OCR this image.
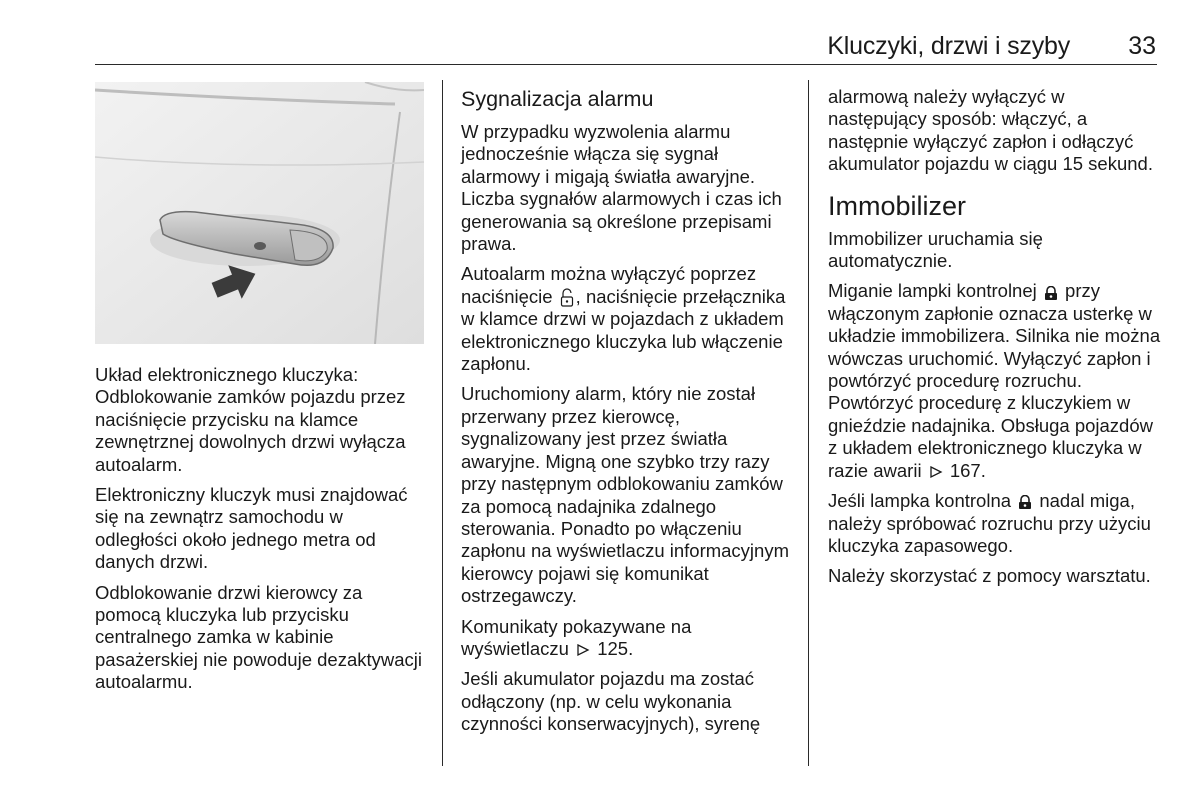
Kluczyki, drzwi i szyby 33

Układ elektronicznego kluczyka: Odblokowanie zamków pojazdu przez naciśnięcie przycisku na klamce zewnętrznej dowolnych drzwi wyłącza autoalarm.

Elektroniczny kluczyk musi znajdować się na zewnątrz samochodu w odległości około jednego metra od danych drzwi.

Odblokowanie drzwi kierowcy za pomocą kluczyka lub przycisku centralnego zamka w kabinie pasażerskiej nie powoduje dezaktywacji autoalarmu.

Sygnalizacja alarmu

W przypadku wyzwolenia alarmu jednocześnie włącza się sygnał alarmowy i migają światła awaryjne. Liczba sygnałów alarmowych i czas ich generowania są określone przepisami prawa.

Autoalarm można wyłączyć poprzez naciśnięcie , naciśnięcie przełącznika w klamce drzwi w pojazdach z układem elektronicznego kluczyka lub włączenie zapłonu.

Uruchomiony alarm, który nie został przerwany przez kierowcę, sygnalizowany jest przez światła awaryjne. Migną one szybko trzy razy przy następnym odblokowaniu zamków za pomocą nadajnika zdalnego sterowania. Ponadto po włączeniu zapłonu na wyświetlaczu informacyjnym kierowcy pojawi się komunikat ostrzegawczy.

Komunikaty pokazywane na wyświetlaczu 125.

Jeśli akumulator pojazdu ma zostać odłączony (np. w celu wykonania czynności konserwacyjnych), syrenę

alarmową należy wyłączyć w następujący sposób: włączyć, a następnie wyłączyć zapłon i odłączyć akumulator pojazdu w ciągu 15 sekund.

Immobilizer

Immobilizer uruchamia się automatycznie.

Miganie lampki kontrolnej przy włączonym zapłonie oznacza usterkę w układzie immobilizera. Silnika nie można wówczas uruchomić. Wyłączyć zapłon i powtórzyć procedurę rozruchu. Powtórzyć procedurę z kluczykiem w gnieździe nadajnika. Obsługa pojazdów z układem elektronicznego kluczyka w razie awarii 167.

Jeśli lampka kontrolna nadal miga, należy spróbować rozruchu przy użyciu kluczyka zapasowego.

Należy skorzystać z pomocy warsztatu.
